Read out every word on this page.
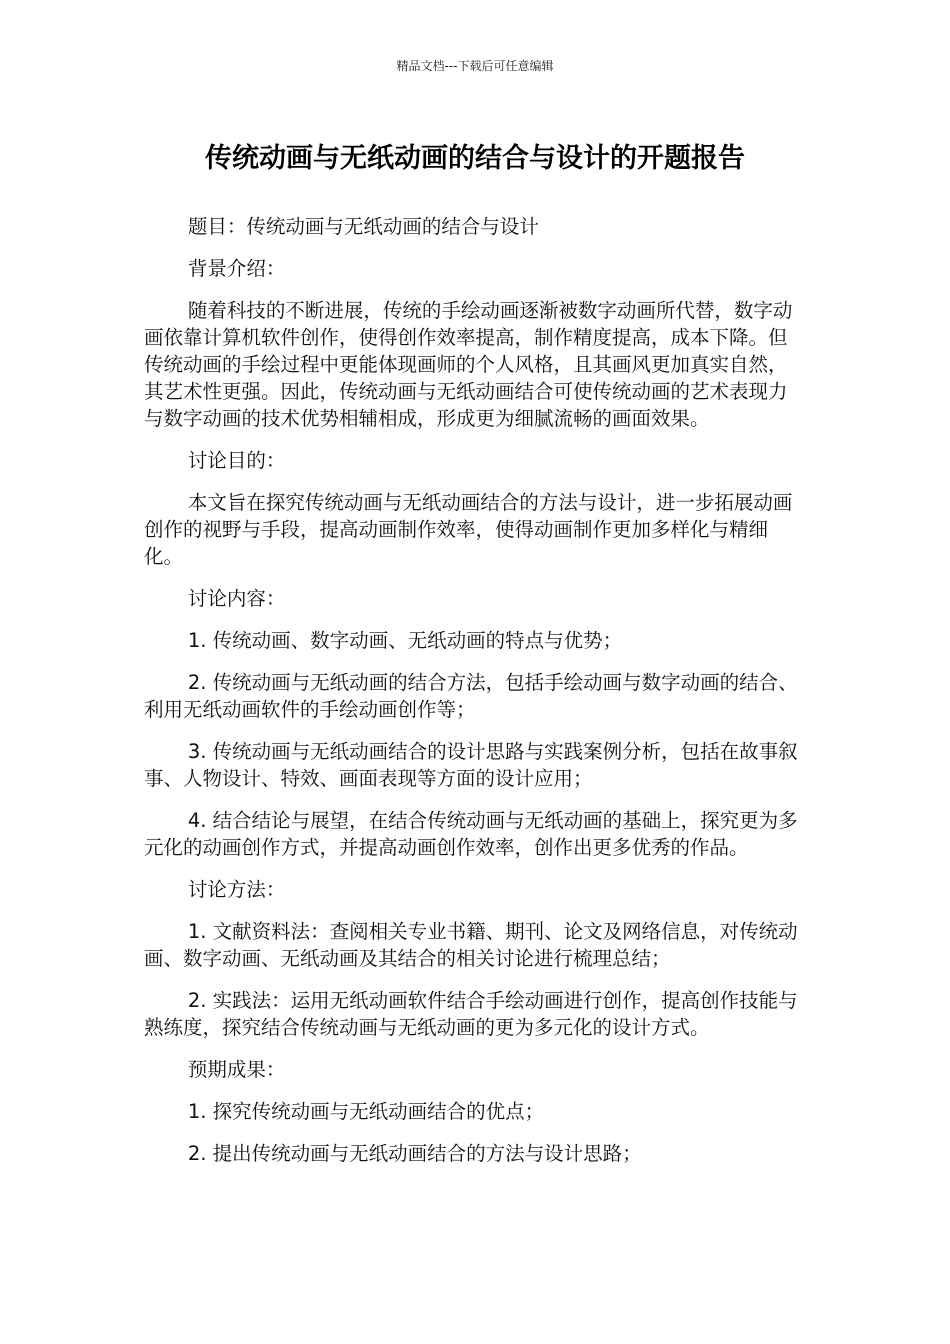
精品文档---下载后可任意编辑
传统动画与无纸动画的结合与设计的开题报告

题目：传统动画与无纸动画的结合与设计

背景介绍：

随着科技的不断进展，传统的手绘动画逐渐被数字动画所代替，数字动画依靠计算机软件创作，使得创作效率提高，制作精度提高，成本下降。但传统动画的手绘过程中更能体现画师的个人风格，且其画风更加真实自然，其艺术性更强。因此，传统动画与无纸动画结合可使传统动画的艺术表现力与数字动画的技术优势相辅相成，形成更为细腻流畅的画面效果。

讨论目的：

本文旨在探究传统动画与无纸动画结合的方法与设计，进一步拓展动画创作的视野与手段，提高动画制作效率，使得动画制作更加多样化与精细化。

讨论内容：

1. 传统动画、数字动画、无纸动画的特点与优势；

2. 传统动画与无纸动画的结合方法，包括手绘动画与数字动画的结合、利用无纸动画软件的手绘动画创作等；

3. 传统动画与无纸动画结合的设计思路与实践案例分析，包括在故事叙事、人物设计、特效、画面表现等方面的设计应用；

4. 结合结论与展望，在结合传统动画与无纸动画的基础上，探究更为多元化的动画创作方式，并提高动画创作效率，创作出更多优秀的作品。

讨论方法：

1. 文献资料法：查阅相关专业书籍、期刊、论文及网络信息，对传统动画、数字动画、无纸动画及其结合的相关讨论进行梳理总结；

2. 实践法：运用无纸动画软件结合手绘动画进行创作，提高创作技能与熟练度，探究结合传统动画与无纸动画的更为多元化的设计方式。

预期成果：

1. 探究传统动画与无纸动画结合的优点；

2. 提出传统动画与无纸动画结合的方法与设计思路；
